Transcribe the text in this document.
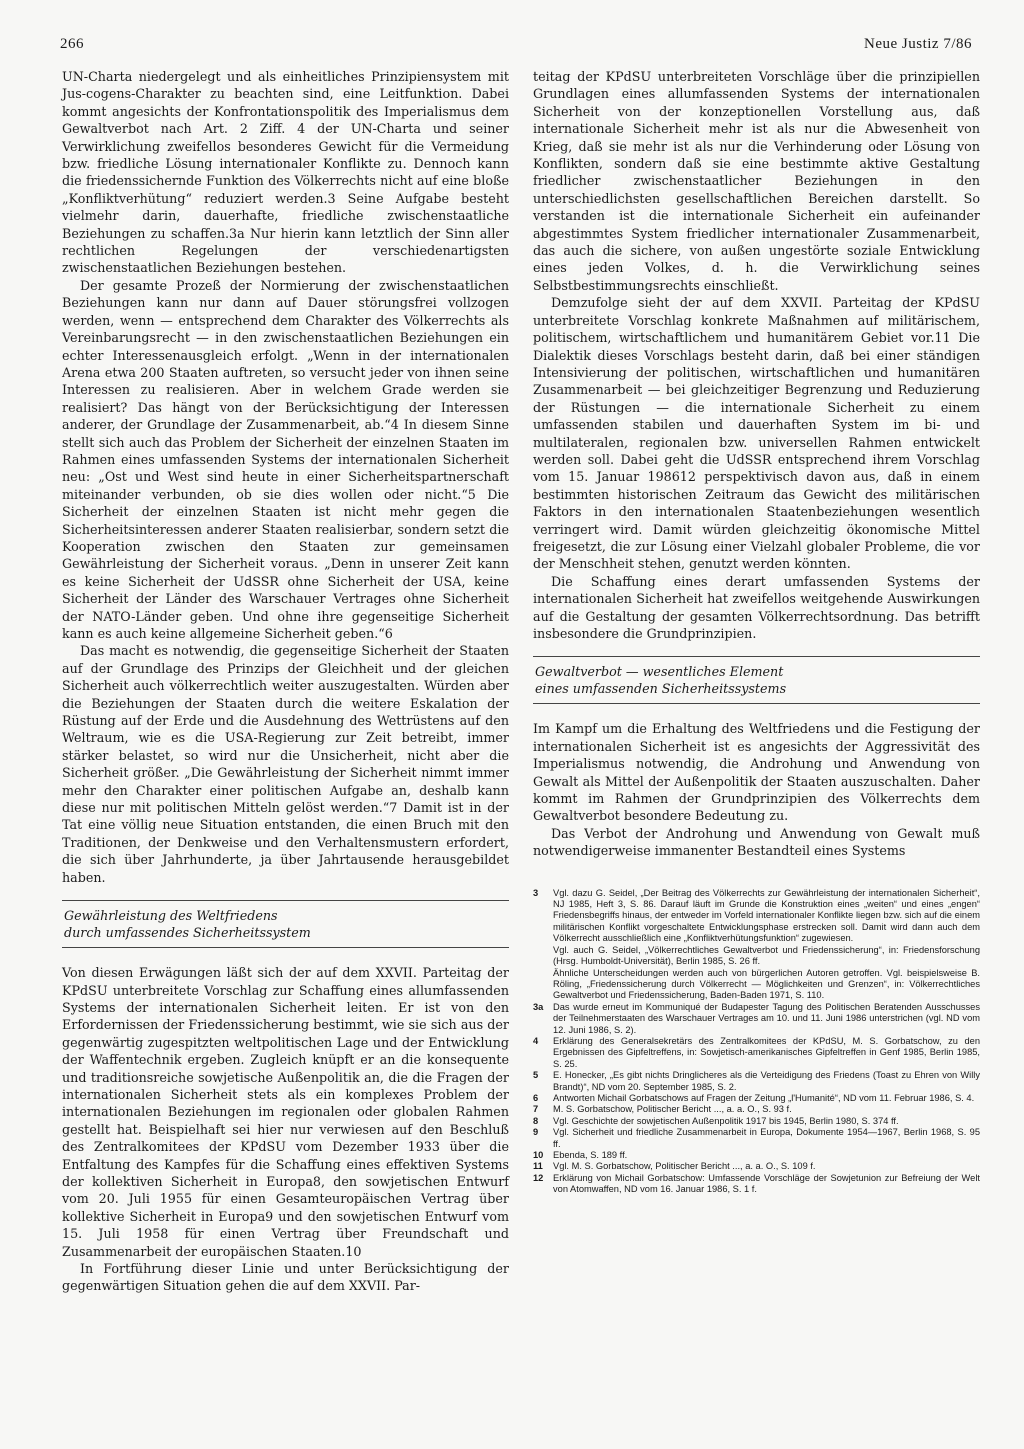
266	Neue Justiz 7/86

UN-Charta niedergelegt und als einheitliches Prinzipiensystem mit Jus-cogens-Charakter zu beachten sind, eine Leitfunktion. Dabei kommt angesichts der Konfrontationspolitik des Imperialismus dem Gewaltverbot nach Art. 2 Ziff. 4 der UN-Charta und seiner Verwirklichung zweifellos besonderes Gewicht für die Vermeidung bzw. friedliche Lösung internationaler Konflikte zu. Dennoch kann die friedenssichernde Funktion des Völkerrechts nicht auf eine bloße „Konfliktverhütung“ reduziert werden.3 Seine Aufgabe besteht vielmehr darin, dauerhafte, friedliche zwischenstaatliche Beziehungen zu schaffen.3a Nur hierin kann letztlich der Sinn aller rechtlichen Regelungen der verschiedenartigsten zwischenstaatlichen Beziehungen bestehen.

Der gesamte Prozeß der Normierung der zwischenstaatlichen Beziehungen kann nur dann auf Dauer störungsfrei vollzogen werden, wenn — entsprechend dem Charakter des Völkerrechts als Vereinbarungsrecht — in den zwischenstaatlichen Beziehungen ein echter Interessenausgleich erfolgt. „Wenn in der internationalen Arena etwa 200 Staaten auftreten, so versucht jeder von ihnen seine Interessen zu realisieren. Aber in welchem Grade werden sie realisiert? Das hängt von der Berücksichtigung der Interessen anderer, der Grundlage der Zusammenarbeit, ab.“4 In diesem Sinne stellt sich auch das Problem der Sicherheit der einzelnen Staaten im Rahmen eines umfassenden Systems der internationalen Sicherheit neu: „Ost und West sind heute in einer Sicherheitspartnerschaft miteinander verbunden, ob sie dies wollen oder nicht.“5 Die Sicherheit der einzelnen Staaten ist nicht mehr gegen die Sicherheitsinteressen anderer Staaten realisierbar, sondern setzt die Kooperation zwischen den Staaten zur gemeinsamen Gewährleistung der Sicherheit voraus. „Denn in unserer Zeit kann es keine Sicherheit der UdSSR ohne Sicherheit der USA, keine Sicherheit der Länder des Warschauer Vertrages ohne Sicherheit der NATO-Länder geben. Und ohne ihre gegenseitige Sicherheit kann es auch keine allgemeine Sicherheit geben.“6

Das macht es notwendig, die gegenseitige Sicherheit der Staaten auf der Grundlage des Prinzips der Gleichheit und der gleichen Sicherheit auch völkerrechtlich weiter auszugestalten. Würden aber die Beziehungen der Staaten durch die weitere Eskalation der Rüstung auf der Erde und die Ausdehnung des Wettrüstens auf den Weltraum, wie es die USA-Regierung zur Zeit betreibt, immer stärker belastet, so wird nur die Unsicherheit, nicht aber die Sicherheit größer. „Die Gewährleistung der Sicherheit nimmt immer mehr den Charakter einer politischen Aufgabe an, deshalb kann diese nur mit politischen Mitteln gelöst werden.“7 Damit ist in der Tat eine völlig neue Situation entstanden, die einen Bruch mit den Traditionen, der Denkweise und den Verhaltensmustern erfordert, die sich über Jahrhunderte, ja über Jahrtausende herausgebildet haben.

Gewährleistung des Weltfriedens
durch umfassendes Sicherheitssystem

Von diesen Erwägungen läßt sich der auf dem XXVII. Parteitag der KPdSU unterbreitete Vorschlag zur Schaffung eines allumfassenden Systems der internationalen Sicherheit leiten. Er ist von den Erfordernissen der Friedenssicherung bestimmt, wie sie sich aus der gegenwärtig zugespitzten weltpolitischen Lage und der Entwicklung der Waffentechnik ergeben. Zugleich knüpft er an die konsequente und traditionsreiche sowjetische Außenpolitik an, die die Fragen der internationalen Sicherheit stets als ein komplexes Problem der internationalen Beziehungen im regionalen oder globalen Rahmen gestellt hat. Beispielhaft sei hier nur verwiesen auf den Beschluß des Zentralkomitees der KPdSU vom Dezember 1933 über die Entfaltung des Kampfes für die Schaffung eines effektiven Systems der kollektiven Sicherheit in Europa8, den sowjetischen Entwurf vom 20. Juli 1955 für einen Gesamteuropäischen Vertrag über kollektive Sicherheit in Europa9 und den sowjetischen Entwurf vom 15. Juli 1958 für einen Vertrag über Freundschaft und Zusammenarbeit der europäischen Staaten.10

In Fortführung dieser Linie und unter Berücksichtigung der gegenwärtigen Situation gehen die auf dem XXVII. Par-

teitag der KPdSU unterbreiteten Vorschläge über die prinzipiellen Grundlagen eines allumfassenden Systems der internationalen Sicherheit von der konzeptionellen Vorstellung aus, daß internationale Sicherheit mehr ist als nur die Abwesenheit von Krieg, daß sie mehr ist als nur die Verhinderung oder Lösung von Konflikten, sondern daß sie eine bestimmte aktive Gestaltung friedlicher zwischenstaatlicher Beziehungen in den unterschiedlichsten gesellschaftlichen Bereichen darstellt. So verstanden ist die internationale Sicherheit ein aufeinander abgestimmtes System friedlicher internationaler Zusammenarbeit, das auch die sichere, von außen ungestörte soziale Entwicklung eines jeden Volkes, d. h. die Verwirklichung seines Selbstbestimmungsrechts einschließt.

Demzufolge sieht der auf dem XXVII. Parteitag der KPdSU unterbreitete Vorschlag konkrete Maßnahmen auf militärischem, politischem, wirtschaftlichem und humanitärem Gebiet vor.11 Die Dialektik dieses Vorschlags besteht darin, daß bei einer ständigen Intensivierung der politischen, wirtschaftlichen und humanitären Zusammenarbeit — bei gleichzeitiger Begrenzung und Reduzierung der Rüstungen — die internationale Sicherheit zu einem umfassenden stabilen und dauerhaften System im bi- und multilateralen, regionalen bzw. universellen Rahmen entwickelt werden soll. Dabei geht die UdSSR entsprechend ihrem Vorschlag vom 15. Januar 198612 perspektivisch davon aus, daß in einem bestimmten historischen Zeitraum das Gewicht des militärischen Faktors in den internationalen Staatenbeziehungen wesentlich verringert wird. Damit würden gleichzeitig ökonomische Mittel freigesetzt, die zur Lösung einer Vielzahl globaler Probleme, die vor der Menschheit stehen, genutzt werden könnten.

Die Schaffung eines derart umfassenden Systems der internationalen Sicherheit hat zweifellos weitgehende Auswirkungen auf die Gestaltung der gesamten Völkerrechtsordnung. Das betrifft insbesondere die Grundprinzipien.

Gewaltverbot — wesentliches Element
eines umfassenden Sicherheitssystems

Im Kampf um die Erhaltung des Weltfriedens und die Festigung der internationalen Sicherheit ist es angesichts der Aggressivität des Imperialismus notwendig, die Androhung und Anwendung von Gewalt als Mittel der Außenpolitik der Staaten auszuschalten. Daher kommt im Rahmen der Grundprinzipien des Völkerrechts dem Gewaltverbot besondere Bedeutung zu.

Das Verbot der Androhung und Anwendung von Gewalt muß notwendigerweise immanenter Bestandteil eines Systems

3	Vgl. dazu G. Seidel, „Der Beitrag des Völkerrechts zur Gewährleistung der internationalen Sicherheit“, NJ 1985, Heft 3, S. 86. Darauf läuft im Grunde die Konstruktion eines „weiten“ und eines „engen“ Friedensbegriffs hinaus, der entweder im Vorfeld internationaler Konflikte liegen bzw. sich auf die einem militärischen Konflikt vorgeschaltete Entwicklungsphase erstrecken soll. Damit wird dann auch dem Völkerrecht ausschließlich eine „Konfliktverhütungsfunktion“ zugewiesen.
Vgl. auch G. Seidel, „Völkerrechtliches Gewaltverbot und Friedenssicherung“, in: Friedensforschung (Hrsg. Humboldt-Universität), Berlin 1985, S. 26 ff.
Ähnliche Unterscheidungen werden auch von bürgerlichen Autoren getroffen. Vgl. beispielsweise B. Röling, „Friedenssicherung durch Völkerrecht — Möglichkeiten und Grenzen“, in: Völkerrechtliches Gewaltverbot und Friedenssicherung, Baden-Baden 1971, S. 110.
3a	Das wurde erneut im Kommuniqué der Budapester Tagung des Politischen Beratenden Ausschusses der Teilnehmerstaaten des Warschauer Vertrages am 10. und 11. Juni 1986 unterstrichen (vgl. ND vom 12. Juni 1986, S. 2).
4	Erklärung des Generalsekretärs des Zentralkomitees der KPdSU, M. S. Gorbatschow, zu den Ergebnissen des Gipfeltreffens, in: Sowjetisch-amerikanisches Gipfeltreffen in Genf 1985, Berlin 1985, S. 25.
5	E. Honecker, „Es gibt nichts Dringlicheres als die Verteidigung des Friedens (Toast zu Ehren von Willy Brandt)“, ND vom 20. September 1985, S. 2.
6	Antworten Michail Gorbatschows auf Fragen der Zeitung „l'Humanité“, ND vom 11. Februar 1986, S. 4.
7	M. S. Gorbatschow, Politischer Bericht ..., a. a. O., S. 93 f.
8	Vgl. Geschichte der sowjetischen Außenpolitik 1917 bis 1945, Berlin 1980, S. 374 ff.
9	Vgl. Sicherheit und friedliche Zusammenarbeit in Europa, Dokumente 1954—1967, Berlin 1968, S. 95 ff.
10	Ebenda, S. 189 ff.
11	Vgl. M. S. Gorbatschow, Politischer Bericht ..., a. a. O., S. 109 f.
12	Erklärung von Michail Gorbatschow: Umfassende Vorschläge der Sowjetunion zur Befreiung der Welt von Atomwaffen, ND vom 16. Januar 1986, S. 1 f.
